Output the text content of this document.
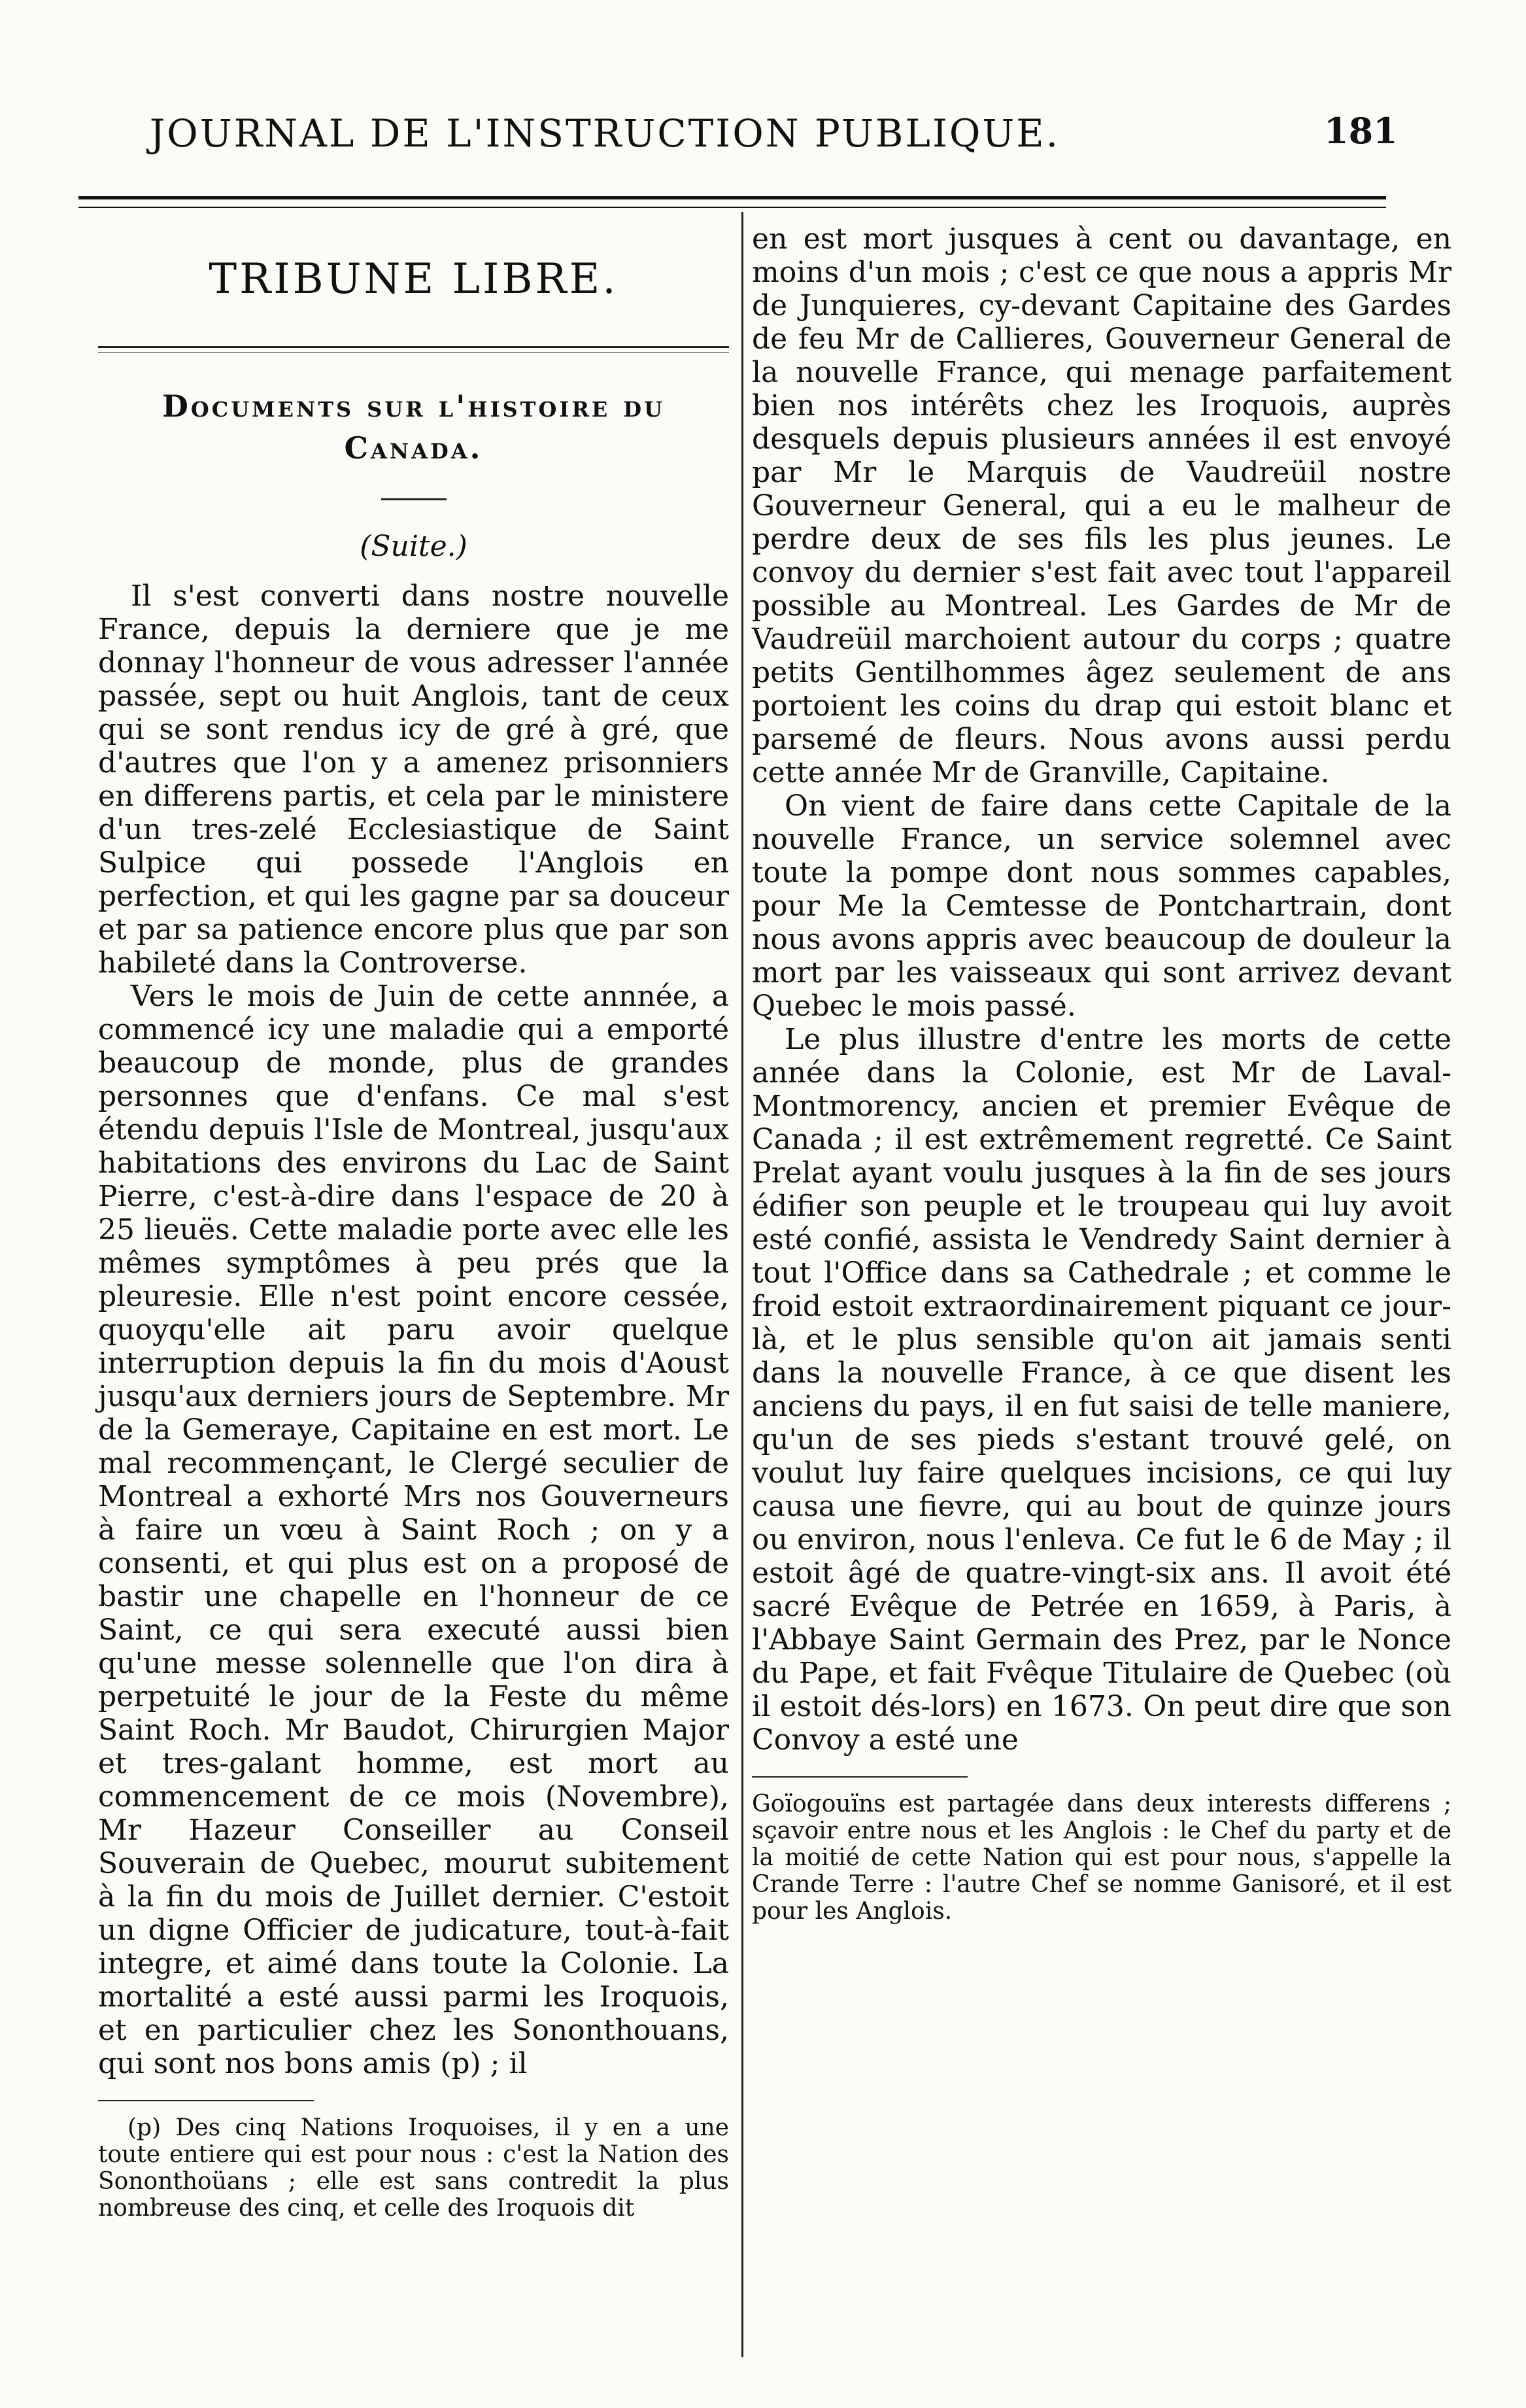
JOURNAL DE L'INSTRUCTION PUBLIQUE.	181
TRIBUNE LIBRE.
Documents sur l'histoire du
Canada.
(Suite.)

Il s'est converti dans nostre nouvelle France, depuis la derniere que je me donnay l'honneur de vous adresser l'année passée, sept ou huit Anglois, tant de ceux qui se sont rendus icy de gré à gré, que d'autres que l'on y a amenez prisonniers en differens partis, et cela par le ministere d'un tres-zelé Ecclesiastique de Saint Sulpice qui possede l'Anglois en perfection, et qui les gagne par sa douceur et par sa patience encore plus que par son habileté dans la Controverse.

Vers le mois de Juin de cette annnée, a commencé icy une maladie qui a emporté beaucoup de monde, plus de grandes personnes que d'enfans. Ce mal s'est étendu depuis l'Isle de Montreal, jusqu'aux habitations des environs du Lac de Saint Pierre, c'est-à-dire dans l'espace de 20 à 25 lieuës. Cette maladie porte avec elle les mêmes symptômes à peu prés que la pleuresie. Elle n'est point encore cessée, quoyqu'elle ait paru avoir quelque interruption depuis la fin du mois d'Aoust jusqu'aux derniers jours de Septembre. Mr de la Gemeraye, Capitaine en est mort. Le mal recommençant, le Clergé seculier de Montreal a exhorté Mrs nos Gouverneurs à faire un vœu à Saint Roch ; on y a consenti, et qui plus est on a proposé de bastir une chapelle en l'honneur de ce Saint, ce qui sera executé aussi bien qu'une messe solennelle que l'on dira à perpetuité le jour de la Feste du même Saint Roch. Mr Baudot, Chirurgien Major et tres-galant homme, est mort au commencement de ce mois (Novembre), Mr Hazeur Conseiller au Conseil Souverain de Quebec, mourut subitement à la fin du mois de Juillet dernier. C'estoit un digne Officier de judicature, tout-à-fait integre, et aimé dans toute la Colonie. La mortalité a esté aussi parmi les Iroquois, et en particulier chez les Sononthouans, qui sont nos bons amis (p) ; il

(p) Des cinq Nations Iroquoises, il y en a une toute entiere qui est pour nous : c'est la Nation des Sononthoüans ; elle est sans contredit la plus nombreuse des cinq, et celle des Iroquois dit

en est mort jusques à cent ou davantage, en moins d'un mois ; c'est ce que nous a appris Mr de Junquieres, cy-devant Capitaine des Gardes de feu Mr de Callieres, Gouverneur General de la nouvelle France, qui menage parfaitement bien nos intérêts chez les Iroquois, auprès desquels depuis plusieurs années il est envoyé par Mr le Marquis de Vaudreüil nostre Gouverneur General, qui a eu le malheur de perdre deux de ses fils les plus jeunes. Le convoy du dernier s'est fait avec tout l'appareil possible au Montreal. Les Gardes de Mr de Vaudreüil marchoient autour du corps ; quatre petits Gentilhommes âgez seulement de ans portoient les coins du drap qui estoit blanc et parsemé de fleurs. Nous avons aussi perdu cette année Mr de Granville, Capitaine.

On vient de faire dans cette Capitale de la nouvelle France, un service solemnel avec toute la pompe dont nous sommes capables, pour Me la Cemtesse de Pontchartrain, dont nous avons appris avec beaucoup de douleur la mort par les vaisseaux qui sont arrivez devant Quebec le mois passé.

Le plus illustre d'entre les morts de cette année dans la Colonie, est Mr de Laval-Montmorency, ancien et premier Evêque de Canada ; il est extrêmement regretté. Ce Saint Prelat ayant voulu jusques à la fin de ses jours édifier son peuple et le troupeau qui luy avoit esté confié, assista le Vendredy Saint dernier à tout l'Office dans sa Cathedrale ; et comme le froid estoit extraordinairement piquant ce jour-là, et le plus sensible qu'on ait jamais senti dans la nouvelle France, à ce que disent les anciens du pays, il en fut saisi de telle maniere, qu'un de ses pieds s'estant trouvé gelé, on voulut luy faire quelques incisions, ce qui luy causa une fievre, qui au bout de quinze jours ou environ, nous l'enleva. Ce fut le 6 de May ; il estoit âgé de quatre-vingt-six ans. Il avoit été sacré Evêque de Petrée en 1659, à Paris, à l'Abbaye Saint Germain des Prez, par le Nonce du Pape, et fait Fvêque Titulaire de Quebec (où il estoit dés-lors) en 1673. On peut dire que son Convoy a esté une

Goïogouïns est partagée dans deux interests differens ; sçavoir entre nous et les Anglois : le Chef du party et de la moitié de cette Nation qui est pour nous, s'appelle la Crande Terre : l'autre Chef se nomme Ganisoré, et il est pour les Anglois.
